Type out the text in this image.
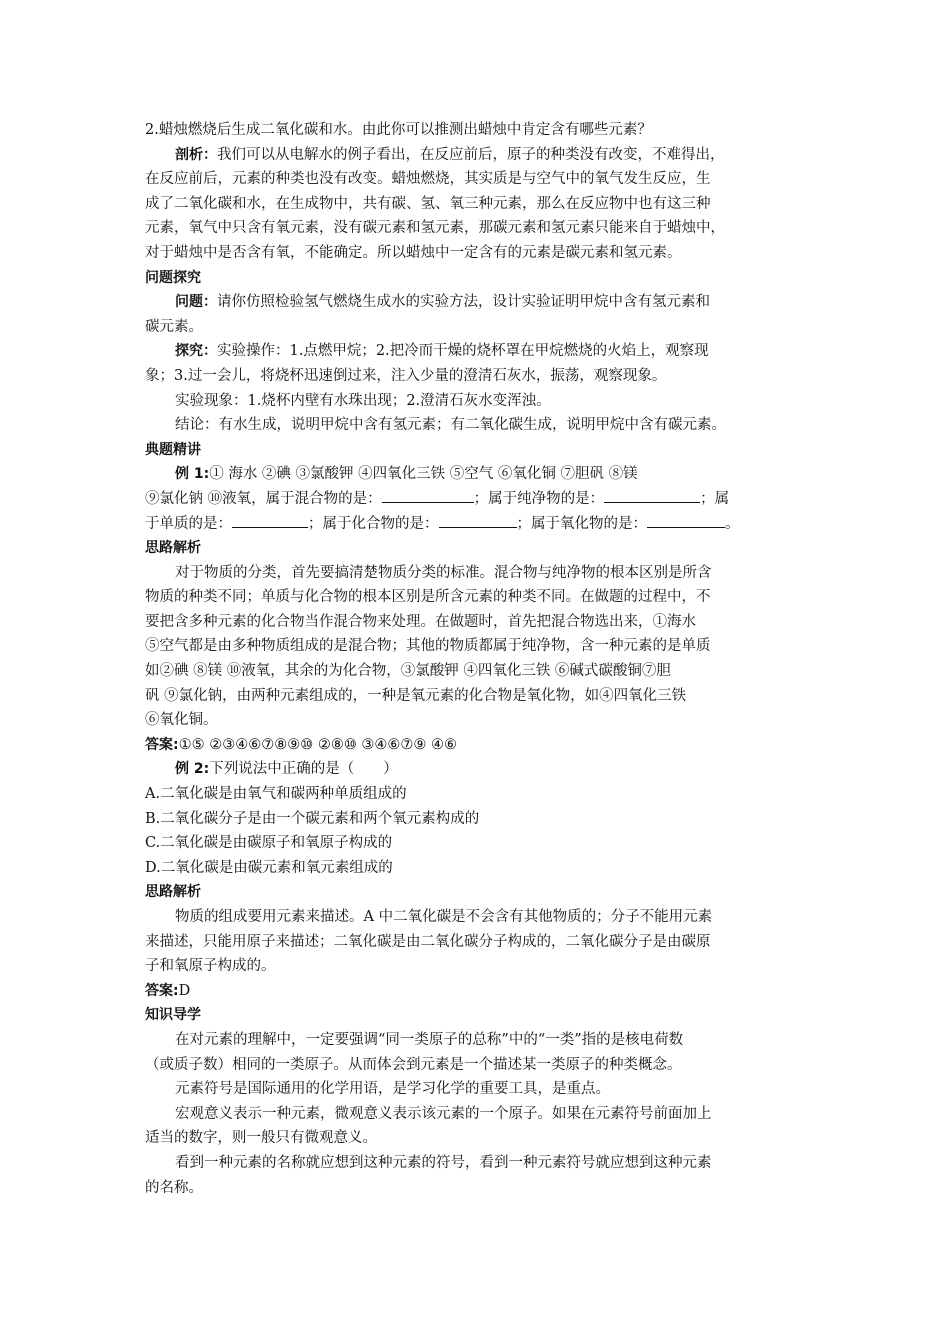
2.蜡烛燃烧后生成二氧化碳和水。由此你可以推测出蜡烛中肯定含有哪些元素？
剖析：我们可以从电解水的例子看出，在反应前后，原子的种类没有改变，不难得出，
在反应前后，元素的种类也没有改变。蜡烛燃烧，其实质是与空气中的氧气发生反应，生
成了二氧化碳和水，在生成物中，共有碳、氢、氧三种元素，那么在反应物中也有这三种
元素，氧气中只含有氧元素，没有碳元素和氢元素，那碳元素和氢元素只能来自于蜡烛中，
对于蜡烛中是否含有氧，不能确定。所以蜡烛中一定含有的元素是碳元素和氢元素。
问题探究
问题：请你仿照检验氢气燃烧生成水的实验方法，设计实验证明甲烷中含有氢元素和
碳元素。
探究：实验操作：1.点燃甲烷；2.把冷而干燥的烧杯罩在甲烷燃烧的火焰上，观察现
象；3.过一会儿，将烧杯迅速倒过来，注入少量的澄清石灰水，振荡，观察现象。
实验现象：1.烧杯内壁有水珠出现；2.澄清石灰水变浑浊。
结论：有水生成，说明甲烷中含有氢元素；有二氧化碳生成，说明甲烷中含有碳元素。
典题精讲
例 1:① 海水 ②碘 ③氯酸钾 ④四氧化三铁 ⑤空气 ⑥氧化铜 ⑦胆矾 ⑧镁
⑨氯化钠 ⑩液氧，属于混合物的是：	；属于纯净物的是：	；属
于单质的是：	；属于化合物的是：	；属于氧化物的是：	。
思路解析
对于物质的分类，首先要搞清楚物质分类的标准。混合物与纯净物的根本区别是所含
物质的种类不同；单质与化合物的根本区别是所含元素的种类不同。在做题的过程中，不
要把含多种元素的化合物当作混合物来处理。在做题时，首先把混合物选出来，①海水
⑤空气都是由多种物质组成的是混合物；其他的物质都属于纯净物，含一种元素的是单质
如②碘 ⑧镁 ⑩液氧，其余的为化合物，③氯酸钾 ④四氧化三铁 ⑥碱式碳酸铜⑦胆
矾 ⑨氯化钠，由两种元素组成的，一种是氧元素的化合物是氧化物，如④四氧化三铁
⑥氧化铜。
答案:①⑤ ②③④⑥⑦⑧⑨⑩ ②⑧⑩ ③④⑥⑦⑨ ④⑥
例 2:下列说法中正确的是（　　）
A.二氧化碳是由氧气和碳两种单质组成的
B.二氧化碳分子是由一个碳元素和两个氧元素构成的
C.二氧化碳是由碳原子和氧原子构成的
D.二氧化碳是由碳元素和氧元素组成的
思路解析
物质的组成要用元素来描述。A 中二氧化碳是不会含有其他物质的；分子不能用元素
来描述，只能用原子来描述；二氧化碳是由二氧化碳分子构成的，二氧化碳分子是由碳原
子和氧原子构成的。
答案:D
知识导学
在对元素的理解中，一定要强调“同一类原子的总称”中的“一类”指的是核电荷数
（或质子数）相同的一类原子。从而体会到元素是一个描述某一类原子的种类概念。
元素符号是国际通用的化学用语，是学习化学的重要工具，是重点。
宏观意义表示一种元素，微观意义表示该元素的一个原子。如果在元素符号前面加上
适当的数字，则一般只有微观意义。
看到一种元素的名称就应想到这种元素的符号，看到一种元素符号就应想到这种元素
的名称。
